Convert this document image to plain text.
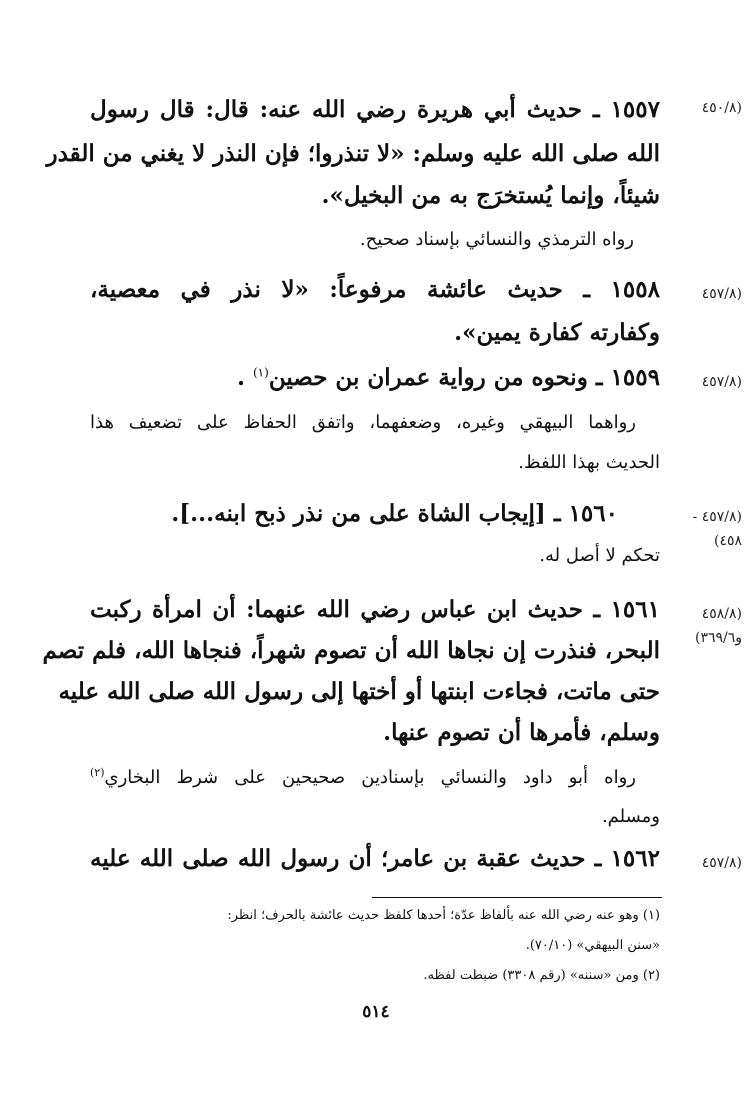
(٤٥٠/٨
١٥٥٧ ـ حديث أبي هريرة رضي الله عنه: قال: قال رسول
الله صلى الله عليه وسلم: «لا تنذروا؛ فإن النذر لا يغني من القدر
شيئاً، وإنما يُستخرَج به من البخيل».
رواه الترمذي والنسائي بإسناد صحيح.
(٤٥٧/٨
١٥٥٨ ـ حديث عائشة مرفوعاً: «لا نذر في معصية،
وكفارته كفارة يمين».
(٤٥٧/٨
١٥٥٩ ـ ونحوه من رواية عمران بن حصين$^{(١)}$ .
رواهما البيهقي وغيره، وضعفهما، واتفق الحفاظ على تضعيف هذا
الحديث بهذا اللفظ.
(٤٥٧/٨ -
٤٥٨)
١٥٦٠ ـ [إيجاب الشاة على من نذر ذبح ابنه...].
تحكم لا أصل له.
(٤٥٨/٨
و٣٦٩/٦)
١٥٦١ ـ حديث ابن عباس رضي الله عنهما: أن امرأة ركبت
البحر، فنذرت إن نجاها الله أن تصوم شهراً، فنجاها الله، فلم تصم
حتى ماتت، فجاءت ابنتها أو أختها إلى رسول الله صلى الله عليه
وسلم، فأمرها أن تصوم عنها.
رواه أبو داود والنسائي بإسنادين صحيحين على شرط البخاري$^{(٢)}$
ومسلم.
(٤٥٧/٨
١٥٦٢ ـ حديث عقبة بن عامر؛ أن رسول الله صلى الله عليه
(١) وهو عنه رضي الله عنه بألفاظ عدّة؛ أحدها كلفظ حديث عائشة بالحرف؛ انظر:
«سنن البيهقي» (٧٠/١٠).
(٢) ومن «سننه» (رقم ٣٣٠٨) ضبطت لفظه.
٥١٤
